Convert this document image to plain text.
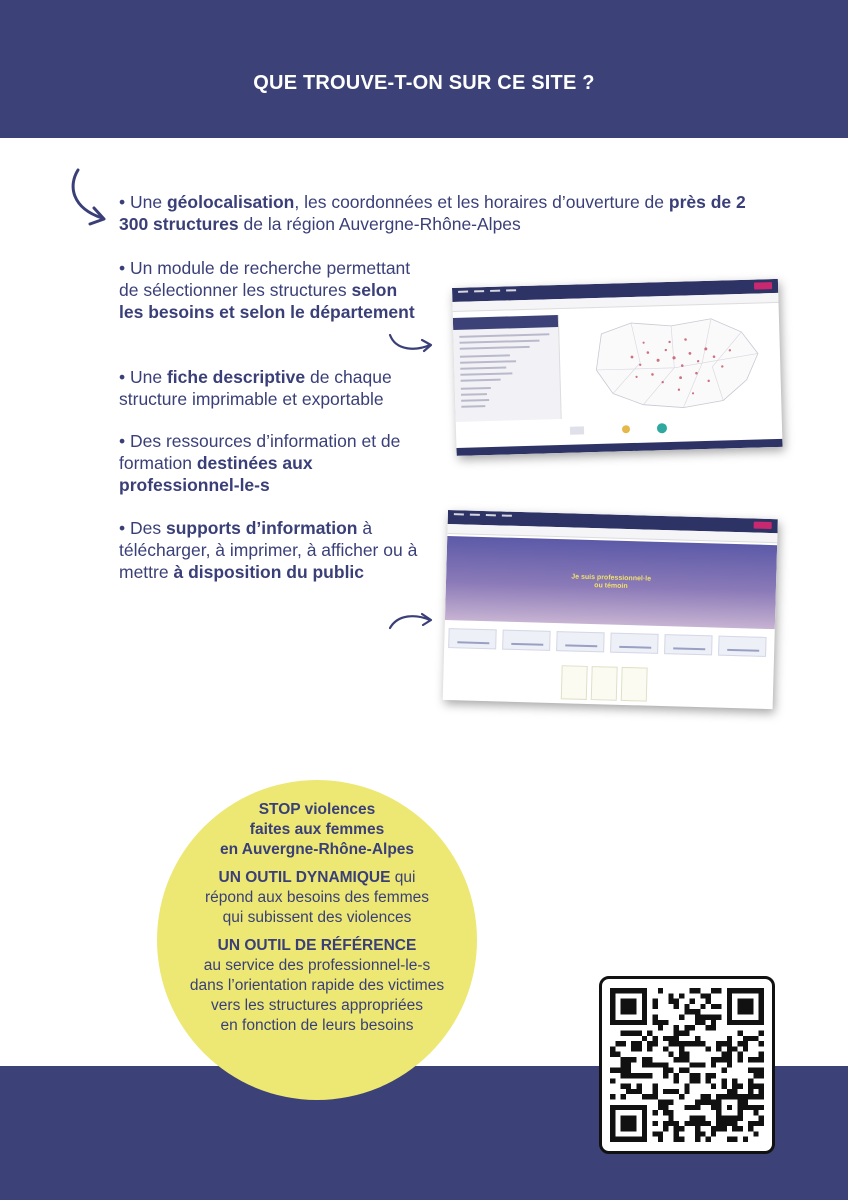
QUE TROUVE-T-ON SUR CE SITE ?
• Une géolocalisation, les coordonnées et les horaires d’ouverture de près de 2 300 structures de la région Auvergne-Rhône-Alpes
• Un module de recherche permettant de sélectionner les structures selon les besoins et selon le département
• Une fiche descriptive de chaque structure imprimable et exportable
• Des ressources d’information et de formation destinées aux professionnel-le-s
• Des supports d’information à télécharger, à imprimer, à afficher ou à mettre à disposition du public	Je suis professionnel·le
ou témoin
STOP violences
faites aux femmes
en Auvergne-Rhône-Alpes
UN OUTIL DYNAMIQUE qui
répond aux besoins des femmes
qui subissent des violences
UN OUTIL DE RÉFÉRENCE
au service des professionnel-le-s
dans l’orientation rapide des victimes
vers les structures appropriées
en fonction de leurs besoins
